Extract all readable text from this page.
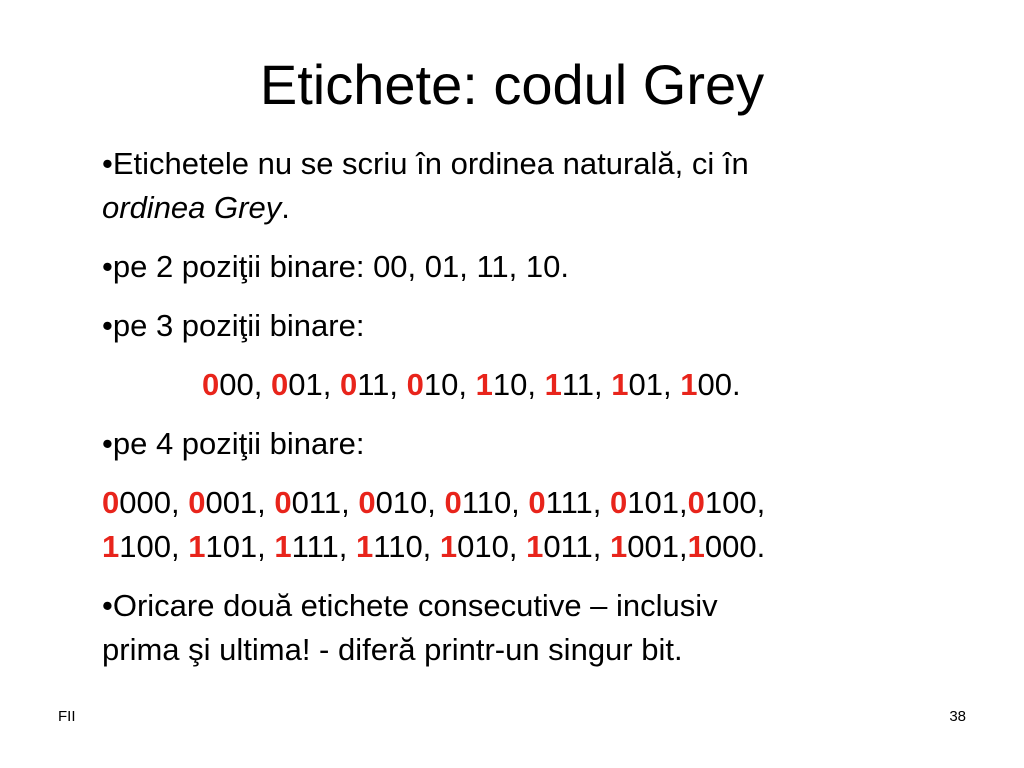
Etichete: codul Grey
•Etichetele nu se scriu în ordinea naturală, ci în
ordinea Grey.
•pe 2 poziţii binare: 00, 01, 11, 10.
•pe 3 poziţii binare:
000, 001, 011, 010, 110, 111, 101, 100.
•pe 4 poziţii binare:
0000, 0001, 0011, 0010, 0110, 0111, 0101,0100,
1100, 1101, 1111, 1110, 1010, 1011, 1001,1000.
•Oricare două etichete consecutive – inclusiv
prima şi ultima! - diferă printr-un singur bit.
FII	38
